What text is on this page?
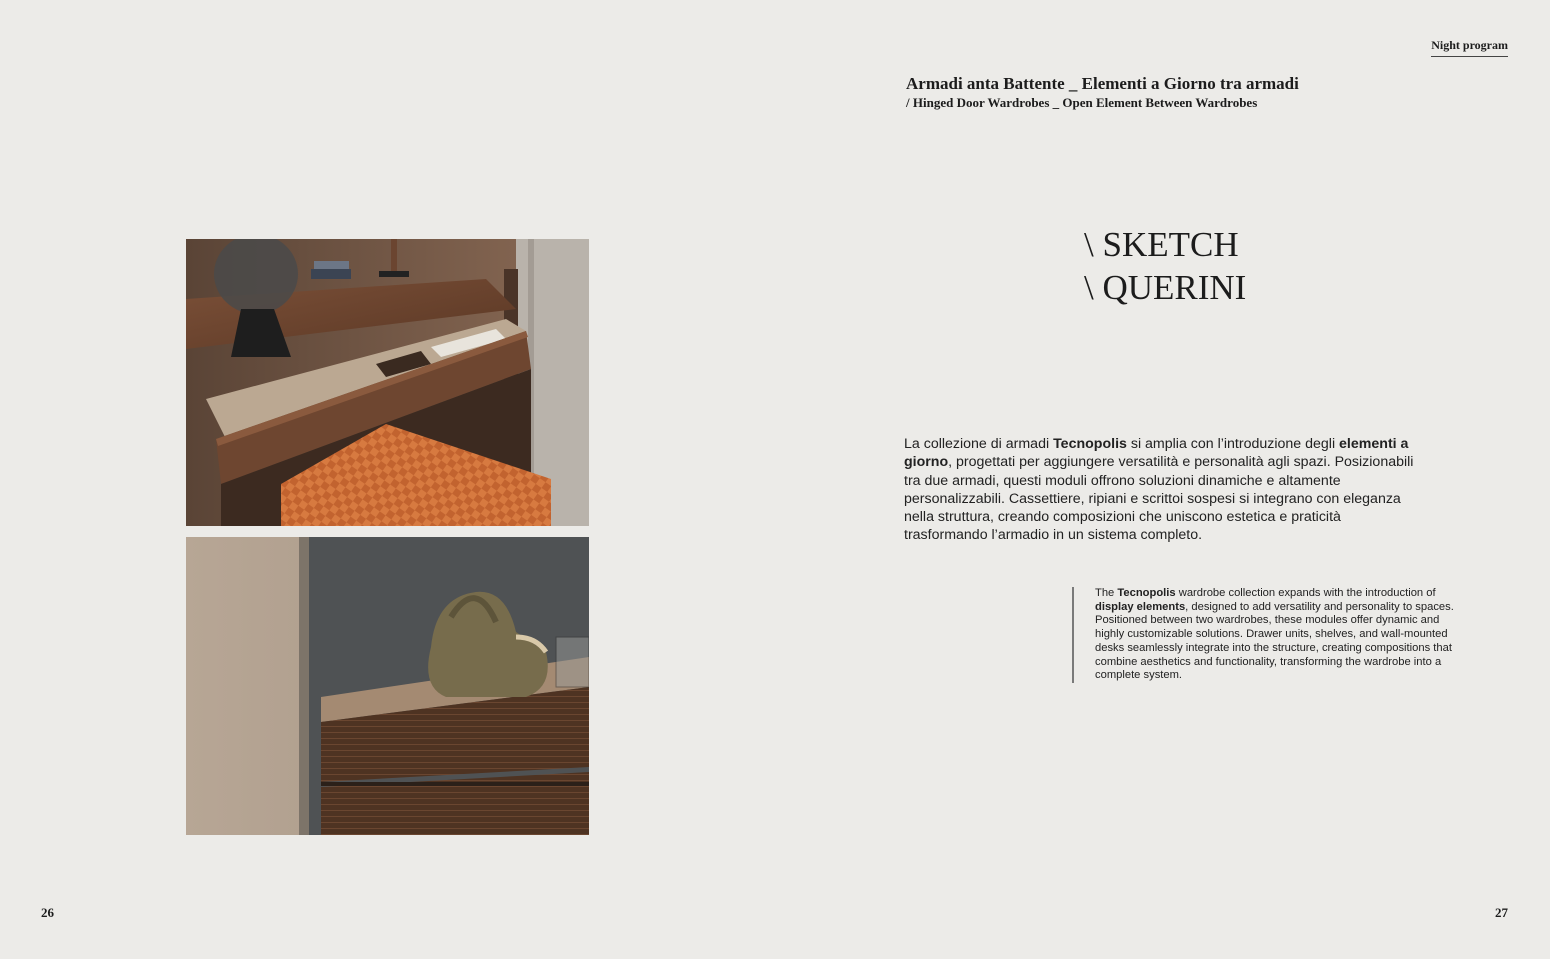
Night program
Armadi anta Battente _ Elementi a Giorno tra armadi
/ Hinged Door Wardrobes _ Open Element Between Wardrobes
\ SKETCH
\ QUERINI
La collezione di armadi Tecnopolis si amplia con l’introduzione degli elementi a giorno, progettati per aggiungere versatilità e personalità agli spazi. Posizionabili tra due armadi, questi moduli offrono soluzioni dinamiche e altamente personalizzabili. Cassettiere, ripiani e scrittoi sospesi si integrano con eleganza nella struttura, creando composizioni che uniscono estetica e praticità trasformando l’armadio in un sistema completo.
The Tecnopolis wardrobe collection expands with the introduction of display elements, designed to add versatility and personality to spaces. Positioned between two wardrobes, these modules offer dynamic and highly customizable solutions. Drawer units, shelves, and wall-mounted desks seamlessly integrate into the structure, creating compositions that combine aesthetics and functionality, transforming the wardrobe into a complete system.
26	27
